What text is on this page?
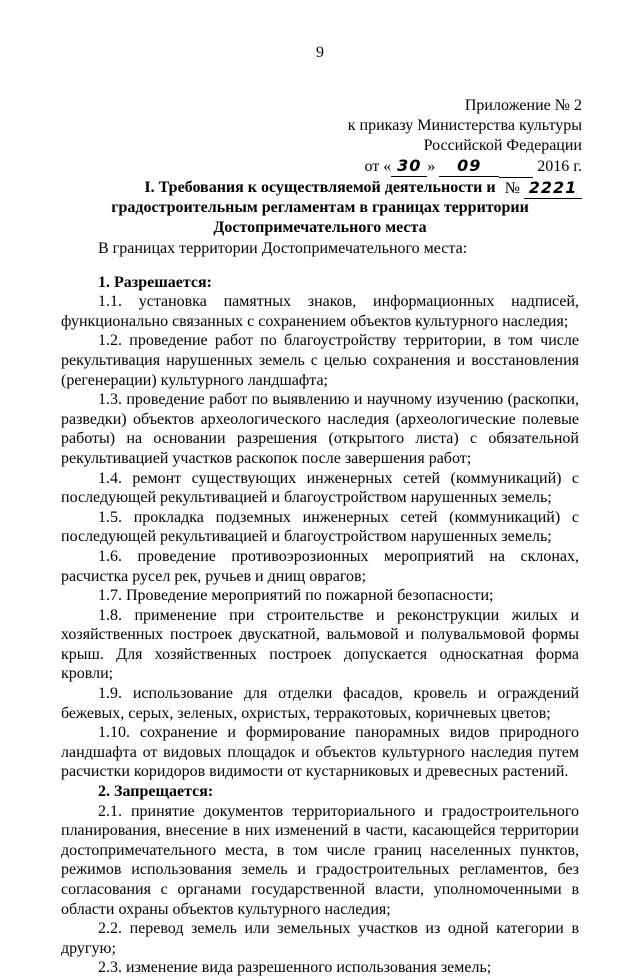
9
Приложение № 2
к приказу Министерства культуры
Российской Федерации
от « 30 » 09	2016 г.
№ 2221
I. Требования к осуществляемой деятельности и градостроительным регламентам в границах территории Достопримечательного места

В границах территории Достопримечательного места:

1. Разрешается:

1.1. установка памятных знаков, информационных надписей, функционально связанных с сохранением объектов культурного наследия;

1.2. проведение работ по благоустройству территории, в том числе рекультивация нарушенных земель с целью сохранения и восстановления (регенерации) культурного ландшафта;

1.3. проведение работ по выявлению и научному изучению (раскопки, разведки) объектов археологического наследия (археологические полевые работы) на основании разрешения (открытого листа) с обязательной рекультивацией участков раскопок после завершения работ;

1.4. ремонт существующих инженерных сетей (коммуникаций) с последующей рекультивацией и благоустройством нарушенных земель;

1.5. прокладка подземных инженерных сетей (коммуникаций) с последующей рекультивацией и благоустройством нарушенных земель;

1.6. проведение противоэрозионных мероприятий на склонах, расчистка русел рек, ручьев и днищ оврагов;

1.7. Проведение мероприятий по пожарной безопасности;

1.8. применение при строительстве и реконструкции жилых и хозяйственных построек двускатной, вальмовой и полувальмовой формы крыш. Для хозяйственных построек допускается односкатная форма кровли;

1.9. использование для отделки фасадов, кровель и ограждений бежевых, серых, зеленых, охристых, терракотовых, коричневых цветов;

1.10. сохранение и формирование панорамных видов природного ландшафта от видовых площадок и объектов культурного наследия путем расчистки коридоров видимости от кустарниковых и древесных растений.

2. Запрещается:

2.1. принятие документов территориального и градостроительного планирования, внесение в них изменений в части, касающейся территории достопримечательного места, в том числе границ населенных пунктов, режимов использования земель и градостроительных регламентов, без согласования с органами государственной власти, уполномоченными в области охраны объектов культурного наследия;

2.2. перевод земель или земельных участков из одной категории в другую;

2.3. изменение вида разрешенного использования земель;
